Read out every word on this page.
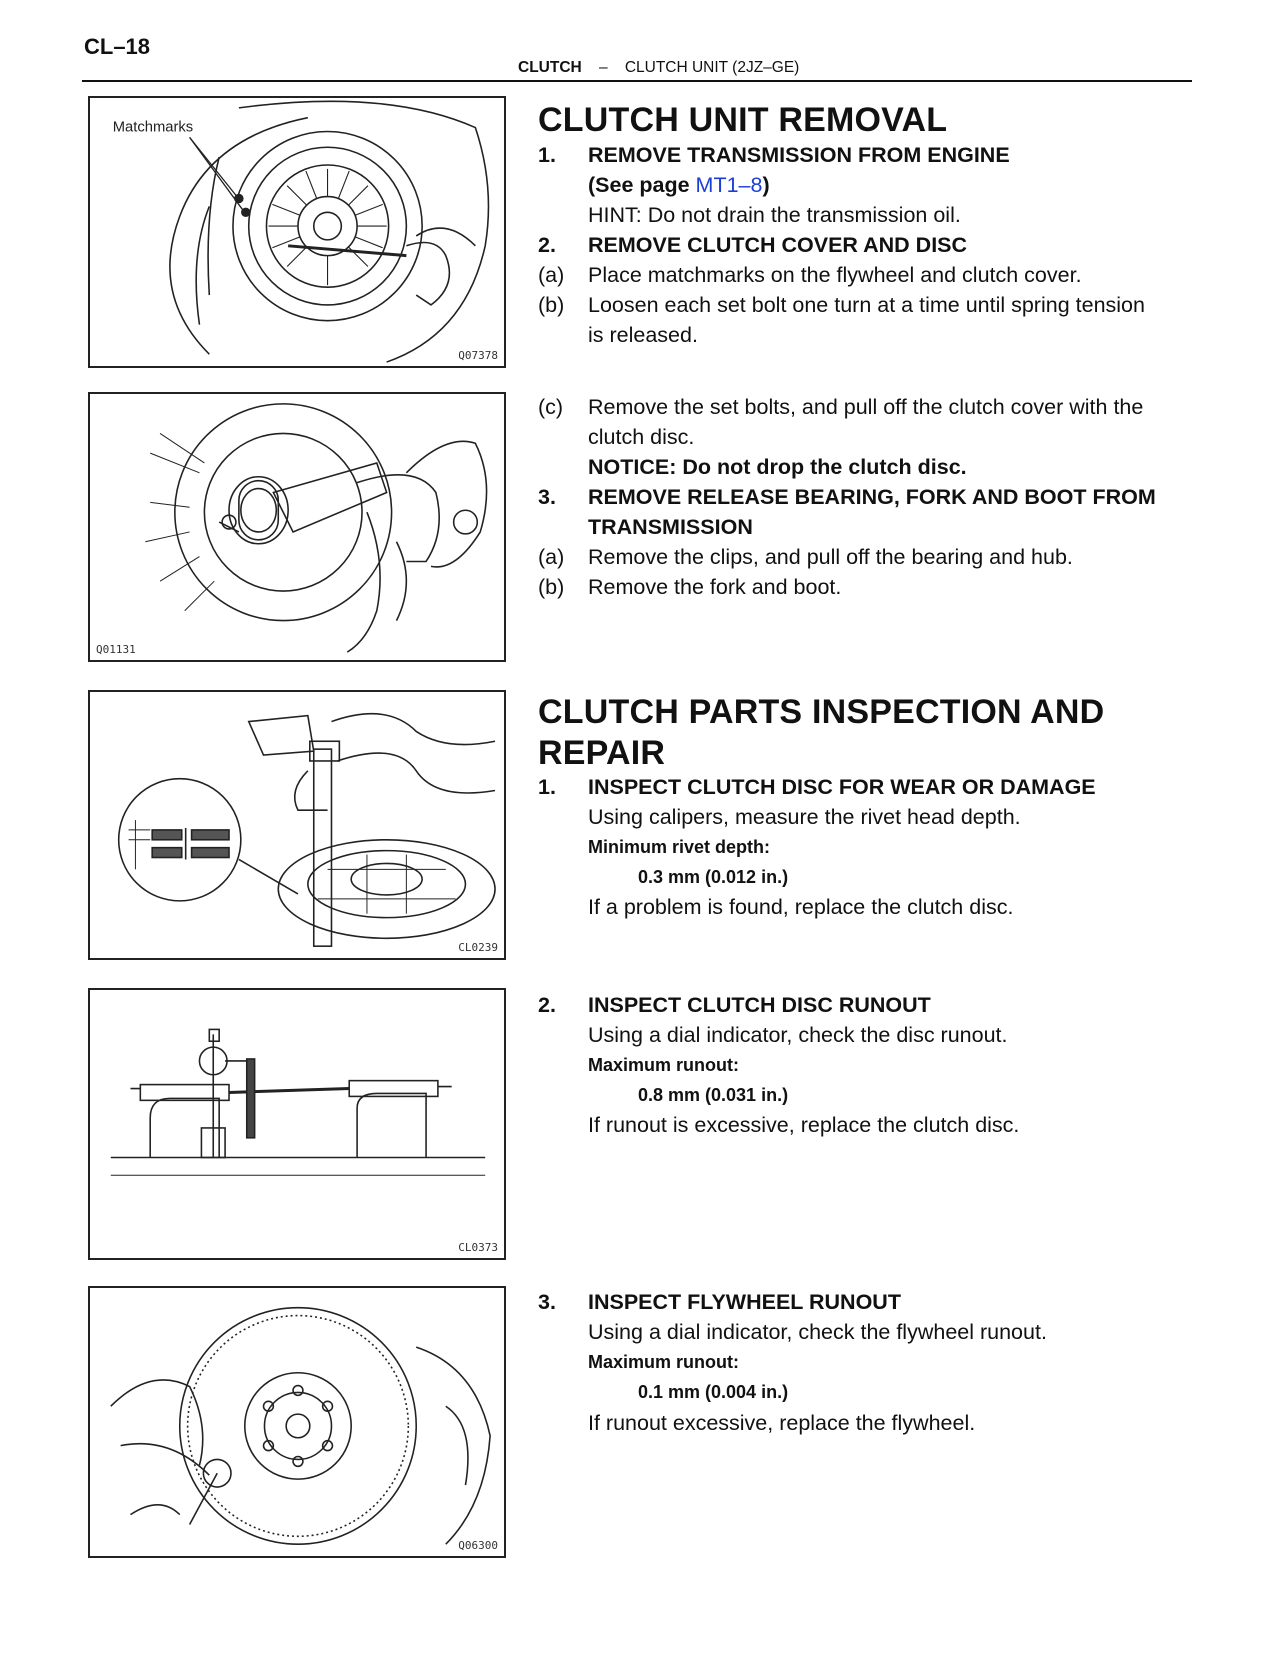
CL–18
CLUTCH – CLUTCH UNIT (2JZ–GE)
Matchmarks
Q07378
Q01131
CL0239
CL0373
Q06300
CLUTCH UNIT REMOVAL
1. REMOVE TRANSMISSION FROM ENGINE
(See page MT1–8)
HINT: Do not drain the transmission oil.
2. REMOVE CLUTCH COVER AND DISC
(a) Place matchmarks on the flywheel and clutch cover.
(b) Loosen each set bolt one turn at a time until spring tension
is released.
(c) Remove the set bolts, and pull off the clutch cover with the
clutch disc.
NOTICE: Do not drop the clutch disc.
3. REMOVE RELEASE BEARING, FORK AND BOOT FROM
TRANSMISSION
(a) Remove the clips, and pull off the bearing and hub.
(b) Remove the fork and boot.
CLUTCH PARTS INSPECTION AND
REPAIR
1. INSPECT CLUTCH DISC FOR WEAR OR DAMAGE
Using calipers, measure the rivet head depth.
Minimum rivet depth:
0.3 mm (0.012 in.)
If a problem is found, replace the clutch disc.
2. INSPECT CLUTCH DISC RUNOUT
Using a dial indicator, check the disc runout.
Maximum runout:
0.8 mm (0.031 in.)
If runout is excessive, replace the clutch disc.
3. INSPECT FLYWHEEL RUNOUT
Using a dial indicator, check the flywheel runout.
Maximum runout:
0.1 mm (0.004 in.)
If runout excessive, replace the flywheel.
